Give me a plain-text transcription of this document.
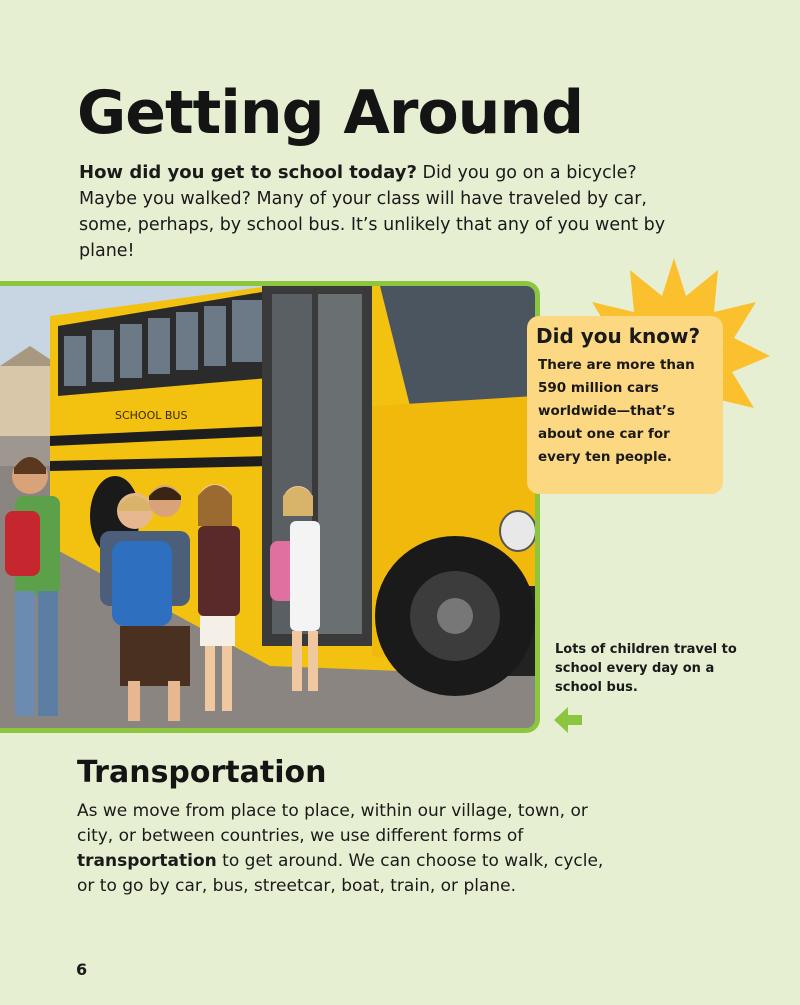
Getting Around

How did you get to school today? Did you go on a bicycle? Maybe you walked? Many of your class will have traveled by car, some, perhaps, by school bus. It’s unlikely that any of you went by plane!

SCHOOL BUS

Did you know?

There are more than 590 million cars worldwide—that’s about one car for every ten people.

Lots of children travel to school every day on a school bus.

Transportation

As we move from place to place, within our village, town, or city, or between countries, we use different forms of transportation to get around. We can choose to walk, cycle, or to go by car, bus, streetcar, boat, train, or plane.

6
